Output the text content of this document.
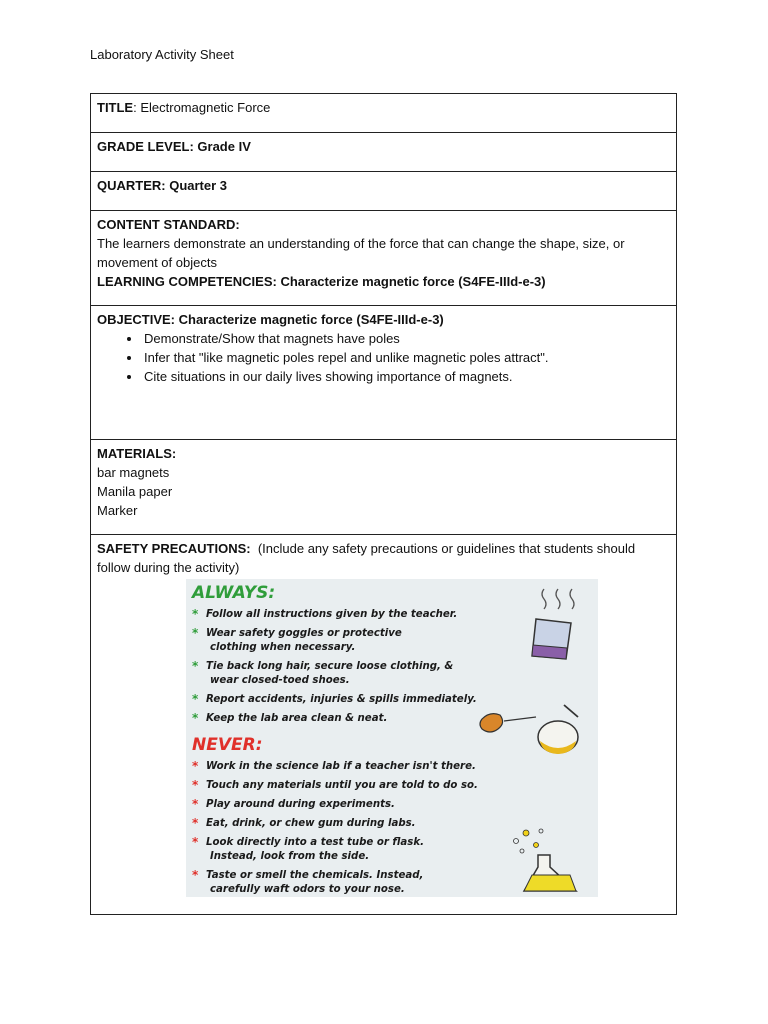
Laboratory Activity Sheet
TITLE: Electromagnetic Force
GRADE LEVEL: Grade IV
QUARTER: Quarter 3
CONTENT STANDARD:
The learners demonstrate an understanding of the force that can change the shape, size, or movement of objects
LEARNING COMPETENCIES: Characterize magnetic force (S4FE-IIId-e-3)
OBJECTIVE: Characterize magnetic force (S4FE-IIId-e-3)
• Demonstrate/Show that magnets have poles
• Infer that "like magnetic poles repel and unlike magnetic poles attract".
• Cite situations in our daily lives showing importance of magnets.
MATERIALS:
bar magnets
Manila paper
Marker
SAFETY PRECAUTIONS: (Include any safety precautions or guidelines that students should follow during the activity)
ALWAYS:
* Follow all instructions given by the teacher.
* Wear safety goggles or protective
clothing when necessary.
* Tie back long hair, secure loose clothing, &
wear closed-toed shoes.
* Report accidents, injuries & spills immediately.
* Keep the lab area clean & neat.
NEVER:
* Work in the science lab if a teacher isn't there.
* Touch any materials until you are told to do so.
* Play around during experiments.
* Eat, drink, or chew gum during labs.
* Look directly into a test tube or flask.
Instead, look from the side.
* Taste or smell the chemicals. Instead,
carefully waft odors to your nose.
